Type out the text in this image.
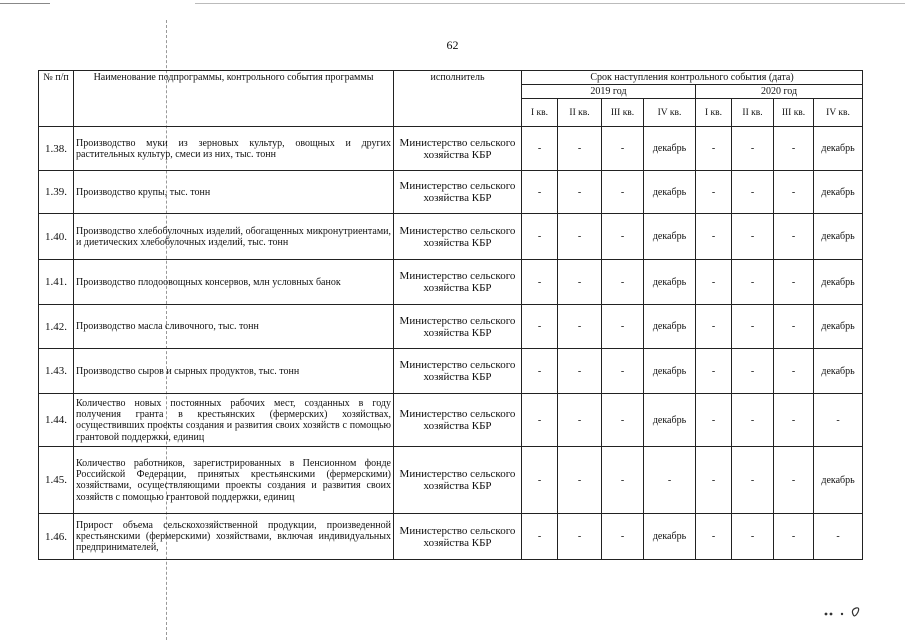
62
№ п/п	Наименование подпрограммы, контрольного события программы	исполнитель	Срок наступления контрольного события (дата)							
			2019 год				2020 год			
			I кв.	II кв.	III кв.	IV кв.	I кв.	II кв.	III кв.	IV кв.
1.38.	Производство муки из зерновых культур, овощных и других растительных культур, смеси из них, тыс. тонн	Министерство сельского хозяйства КБР	-	-	-	декабрь	-	-	-	декабрь
1.39.	Производство крупы, тыс. тонн	Министерство сельского хозяйства КБР	-	-	-	декабрь	-	-	-	декабрь
1.40.	Производство хлебобулочных изделий, обогащенных микронутриентами, и диетических хлебобулочных изделий, тыс. тонн	Министерство сельского хозяйства КБР	-	-	-	декабрь	-	-	-	декабрь
1.41.	Производство плодоовощных консервов, млн условных банок	Министерство сельского хозяйства КБР	-	-	-	декабрь	-	-	-	декабрь
1.42.	Производство масла сливочного, тыс. тонн	Министерство сельского хозяйства КБР	-	-	-	декабрь	-	-	-	декабрь
1.43.	Производство сыров и сырных продуктов, тыс. тонн	Министерство сельского хозяйства КБР	-	-	-	декабрь	-	-	-	декабрь
1.44.	Количество новых постоянных рабочих мест, созданных в году получения гранта в крестьянских (фермерских) хозяйствах, осуществивших проекты создания и развития своих хозяйств с помощью грантовой поддержки, единиц	Министерство сельского хозяйства КБР	-	-	-	декабрь	-	-	-	-
1.45.	Количество работников, зарегистрированных в Пенсионном фонде Российской Федерации, принятых крестьянскими (фермерскими) хозяйствами, осуществляющими проекты создания и развития своих хозяйств с помощью грантовой поддержки, единиц	Министерство сельского хозяйства КБР	-	-	-	-	-	-	-	декабрь
1.46.	Прирост объема сельскохозяйственной продукции, произведенной крестьянскими (фермерскими) хозяйствами, включая индивидуальных предпринимателей,	Министерство сельского хозяйства КБР	-	-	-	декабрь	-	-	-	-
